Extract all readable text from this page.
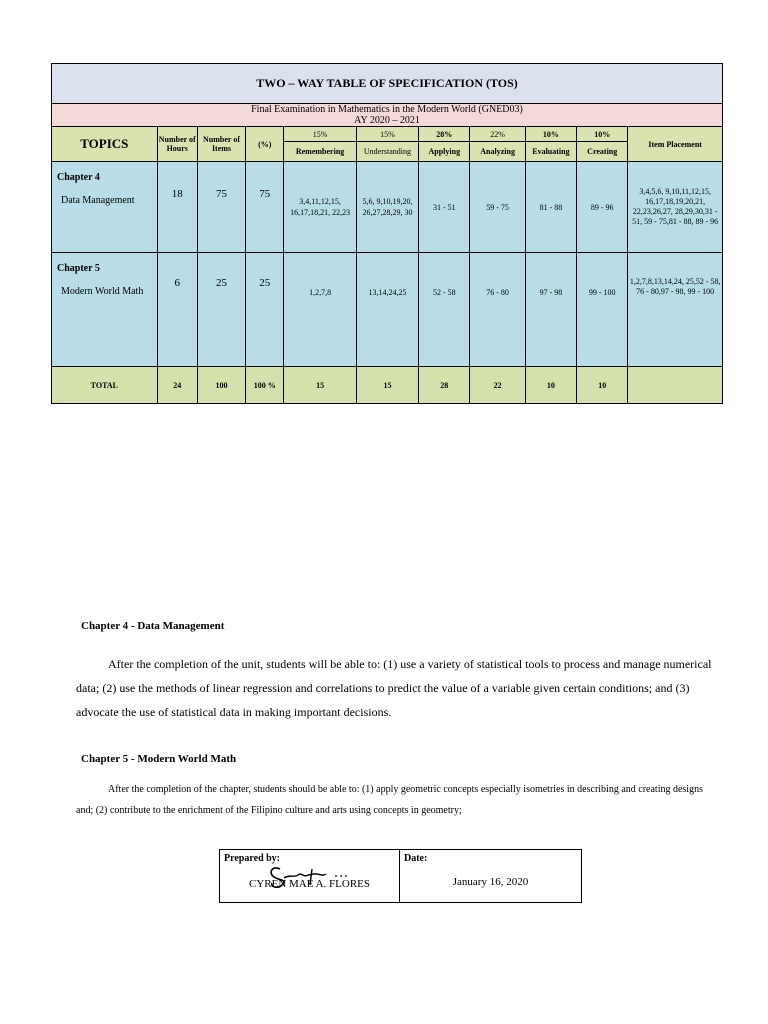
TWO – WAY TABLE OF SPECIFICATION (TOS)										

Final Examination in Mathematics in the Modern World (GNED03)
AY 2020 – 2021										

TOPICS	Number of Hours	Number of Items	(%)	15%	15%	28%	22%	10%	10%	Item Placement
				Remembering	Understanding	Applying	Analyzing	Evaluating	Creating	

Chapter 4
Data Management	18	75	75	3,4,11,12,15, 16,17,18,21, 22,23	5,6, 9,10,19,20, 26,27,28,29, 30	31 - 51	59 - 75	81 - 88	89 - 96	3,4,5,6, 9,10,11,12,15, 16,17,18,19,20,21, 22,23,26,27, 28,29,30,31 - 51, 59 - 75,81 - 88, 89 - 96

Chapter 5
Modern World Math	6	25	25	1,2,7,8	13,14,24,25	52 - 58	76 - 80	97 - 98	99 - 100	1,2,7,8,13,14,24, 25,52 - 58, 76 - 80,97 - 98, 99 - 100
TOTAL	24	100	100 %	15	15	28	22	10	10	
Chapter 4 - Data Management
After the completion of the unit, students will be able to: (1) use a variety of statistical tools to process and manage numerical data; (2) use the methods of linear regression and correlations to predict the value of a variable given certain conditions; and (3) advocate the use of statistical data in making important decisions.
Chapter 5 - Modern World Math
After the completion of the chapter, students should be able to: (1) apply geometric concepts especially isometries in describing and creating designs and; (2) contribute to the enrichment of the Filipino culture and arts using concepts in geometry;
Prepared by:
CYREN MAE A. FLORES

Date:
January 16, 2020
